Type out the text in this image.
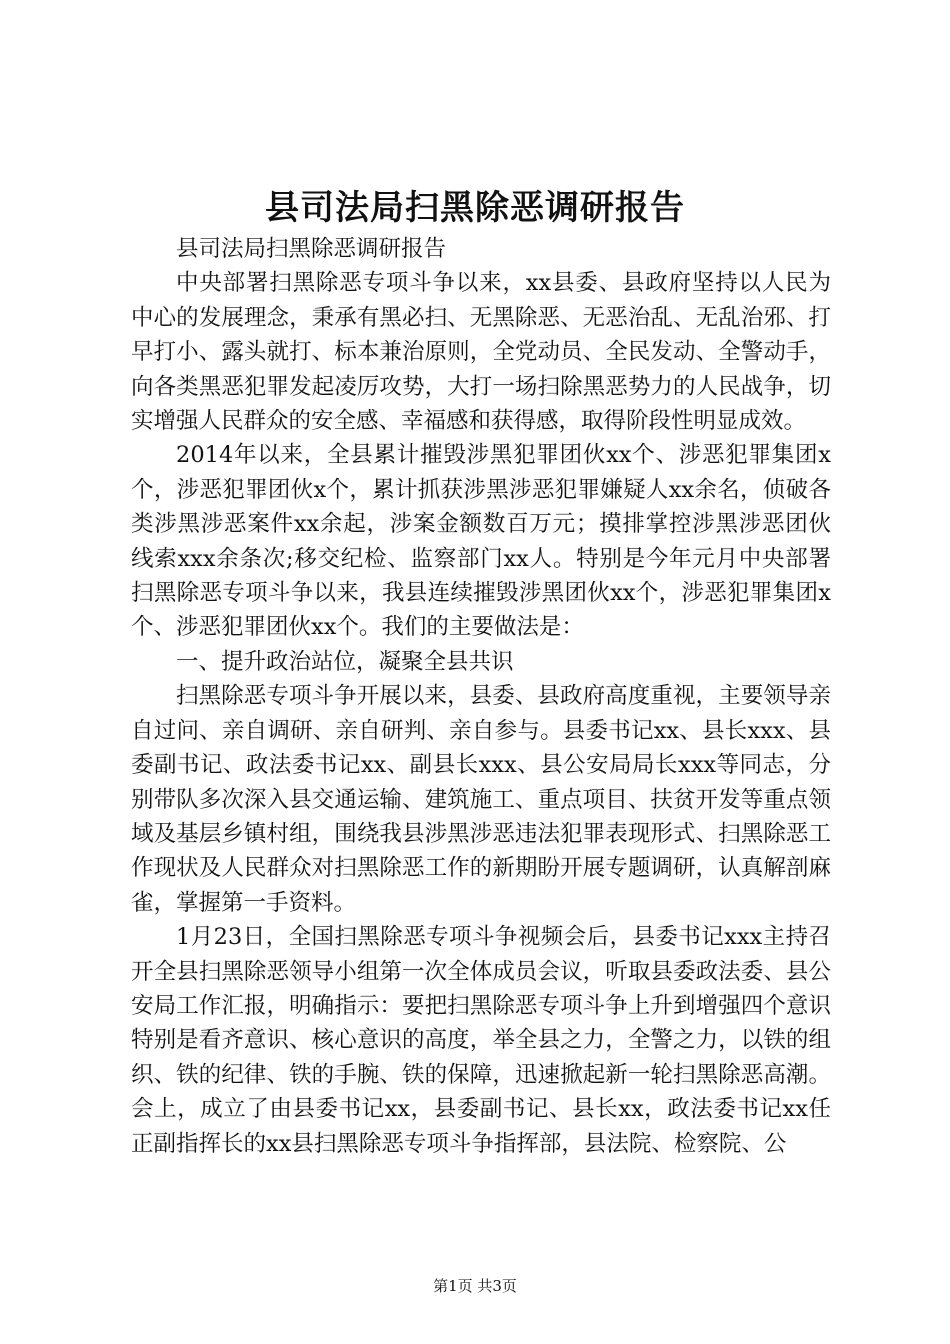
县司法局扫黑除恶调研报告

县司法局扫黑除恶调研报告

中央部署扫黑除恶专项斗争以来，xx县委、县政府坚持以人民为中心的发展理念，秉承有黑必扫、无黑除恶、无恶治乱、无乱治邪、打早打小、露头就打、标本兼治原则，全党动员、全民发动、全警动手，向各类黑恶犯罪发起凌厉攻势，大打一场扫除黑恶势力的人民战争，切实增强人民群众的安全感、幸福感和获得感，取得阶段性明显成效。

2014年以来，全县累计摧毁涉黑犯罪团伙xx个、涉恶犯罪集团x个，涉恶犯罪团伙x个，累计抓获涉黑涉恶犯罪嫌疑人xx余名，侦破各类涉黑涉恶案件xx余起，涉案金额数百万元；摸排掌控涉黑涉恶团伙线索xxx余条次;移交纪检、监察部门xx人。特别是今年元月中央部署扫黑除恶专项斗争以来，我县连续摧毁涉黑团伙xx个，涉恶犯罪集团x个、涉恶犯罪团伙xx个。我们的主要做法是：

一、提升政治站位，凝聚全县共识

扫黑除恶专项斗争开展以来，县委、县政府高度重视，主要领导亲自过问、亲自调研、亲自研判、亲自参与。县委书记xx、县长xxx、县委副书记、政法委书记xx、副县长xxx、县公安局局长xxx等同志，分别带队多次深入县交通运输、建筑施工、重点项目、扶贫开发等重点领域及基层乡镇村组，围绕我县涉黑涉恶违法犯罪表现形式、扫黑除恶工作现状及人民群众对扫黑除恶工作的新期盼开展专题调研，认真解剖麻雀，掌握第一手资料。

1月23日，全国扫黑除恶专项斗争视频会后，县委书记xxx主持召开全县扫黑除恶领导小组第一次全体成员会议，听取县委政法委、县公安局工作汇报，明确指示：要把扫黑除恶专项斗争上升到增强四个意识特别是看齐意识、核心意识的高度，举全县之力，全警之力，以铁的组织、铁的纪律、铁的手腕、铁的保障，迅速掀起新一轮扫黑除恶高潮。会上，成立了由县委书记xx，县委副书记、县长xx，政法委书记xx任正副指挥长的xx县扫黑除恶专项斗争指挥部，县法院、检察院、公

第1页 共3页
